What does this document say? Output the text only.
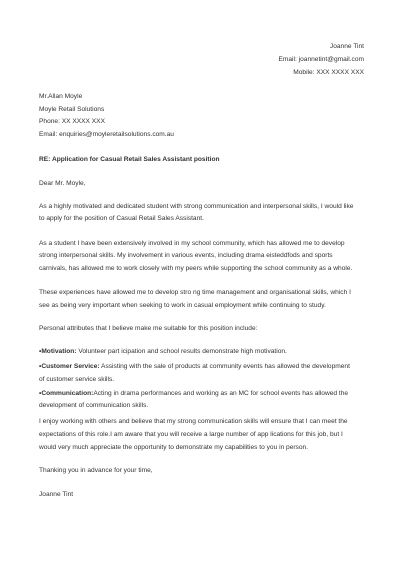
Joanne Tint
Email: joannetint@gmail.com
Mobile: XXX XXXX XXX
Mr.Allan Moyle
Moyle Retail Solutions
Phone: XX XXXX XXX
Email: enquiries@moyleretailsolutions.com.au
RE: Application for Casual Retail Sales Assistant position
Dear Mr. Moyle,
As a highly motivated and dedicated student with strong communication and interpersonal skills, I would like
to apply for the position of Casual Retail Sales Assistant.
As a student I have been extensively involved in my school community, which has allowed me to develop
strong interpersonal skills. My involvement in various events, including drama eisteddfods and sports
carnivals, has allowed me to work closely with my peers while supporting the school community as a whole.
These experiences have allowed me to develop stro ng time management and organisational skills, which I
see as being very important when seeking to work in casual employment while continuing to study.
Personal attributes that I believe make me suitable for this position include:
•Motivation: Volunteer part icipation and school results demonstrate high motivation.
•Customer Service: Assisting with the sale of products at community events has allowed the development
of customer service skills.
•Communication:Acting in drama performances and working as an MC for school events has allowed the
development of communication skills.
I enjoy working with others and believe that my strong communication skills will ensure that I can meet the
expectations of this role.I am aware that you will receive a large number of app lications for this job, but I
would very much appreciate the opportunity to demonstrate my capabilities to you in person.
Thanking you in advance for your time,
Joanne Tint
